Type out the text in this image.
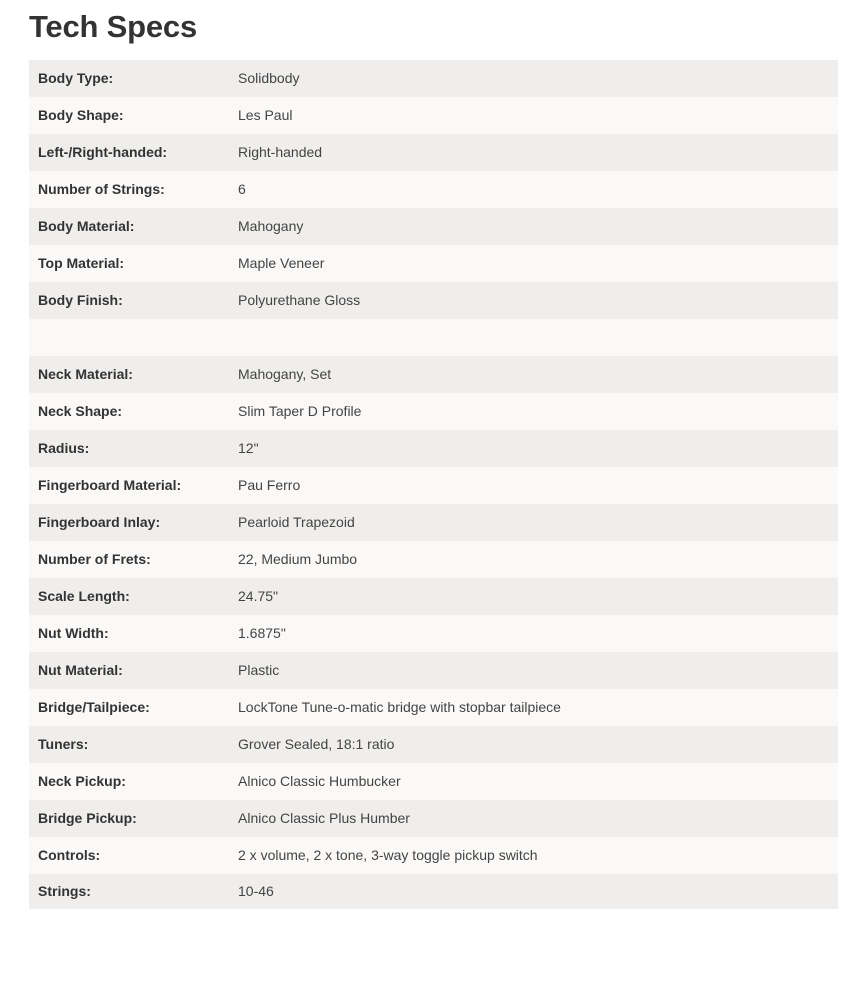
Tech Specs
Body Type:	Solidbody
Body Shape:	Les Paul
Left-/Right-handed:	Right-handed
Number of Strings:	6
Body Material:	Mahogany
Top Material:	Maple Veneer
Body Finish:	Polyurethane Gloss

Neck Material:	Mahogany, Set
Neck Shape:	Slim Taper D Profile
Radius:	12"
Fingerboard Material:	Pau Ferro
Fingerboard Inlay:	Pearloid Trapezoid
Number of Frets:	22, Medium Jumbo
Scale Length:	24.75"
Nut Width:	1.6875"
Nut Material:	Plastic
Bridge/Tailpiece:	LockTone Tune-o-matic bridge with stopbar tailpiece
Tuners:	Grover Sealed, 18:1 ratio
Neck Pickup:	Alnico Classic Humbucker
Bridge Pickup:	Alnico Classic Plus Humber
Controls:	2 x volume, 2 x tone, 3-way toggle pickup switch
Strings:	10-46
